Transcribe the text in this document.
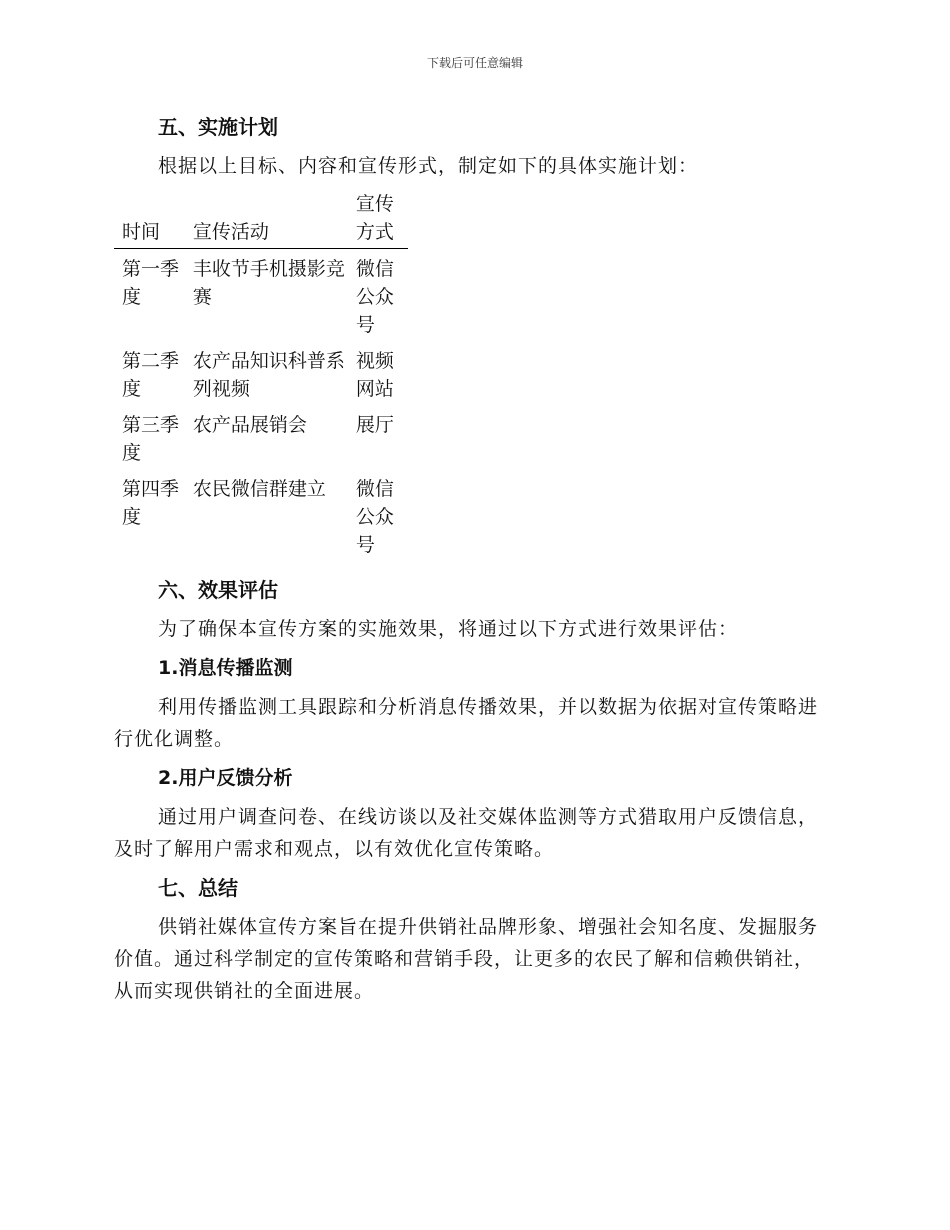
下载后可任意编辑
五、实施计划

根据以上目标、内容和宣传形式，制定如下的具体实施计划：

时间	宣传活动	宣传方式
第一季度	丰收节手机摄影竞赛	微信公众号
第二季度	农产品知识科普系列视频	视频网站
第三季度	农产品展销会	展厅
第四季度	农民微信群建立	微信公众号
六、效果评估

为了确保本宣传方案的实施效果，将通过以下方式进行效果评估：

1.消息传播监测

利用传播监测工具跟踪和分析消息传播效果，并以数据为依据对宣传策略进行优化调整。

2.用户反馈分析

通过用户调查问卷、在线访谈以及社交媒体监测等方式猎取用户反馈信息，及时了解用户需求和观点，以有效优化宣传策略。

七、总结

供销社媒体宣传方案旨在提升供销社品牌形象、增强社会知名度、发掘服务价值。通过科学制定的宣传策略和营销手段，让更多的农民了解和信赖供销社，从而实现供销社的全面进展。
